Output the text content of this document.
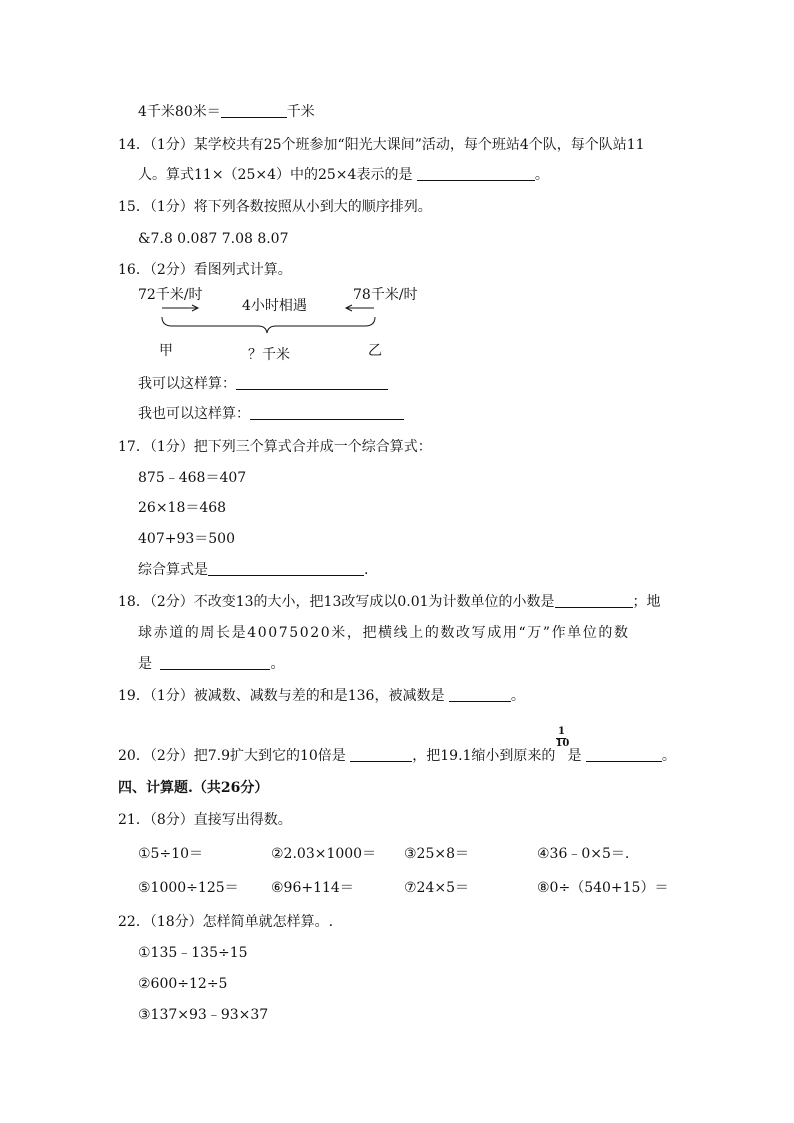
4千米80米＝	千米
14．（1分）某学校共有25个班参加“阳光大课间”活动，每个班站4个队，每个队站11
人。算式11×（25×4）中的25×4表示的是	。
15．（1分）将下列各数按照从小到大的顺序排列。
&7.8 0.087 7.08 8.07
16．（2分）看图列式计算。
72千米/时
4小时相遇
78千米/时
甲	？千米	乙
我可以这样算：
我也可以这样算：
17．（1分）把下列三个算式合并成一个综合算式：
875﹣468＝407
26×18＝468
407+93＝500
综合算式是	.
18．（2分）不改变13的大小，把13改写成以0.01为计数单位的小数是	；地
球赤道的周长是40075020米，把横线上的数改写成用“万”作单位的数
是	。
19．（1分）被减数、减数与差的和是136，被减数是	。
20．（2分）把7.9扩大到它的10倍是	，把19.1缩小到原来的 $\frac{1}{10}$ 是	。
四、计算题.（共26分）
21．（8分）直接写出得数。
①5÷10＝	②2.03×1000＝ ③25×8＝	④36﹣0×5＝.
⑤1000÷125＝ ⑥96+114＝	⑦24×5＝	⑧0÷（540+15）＝
22．（18分）怎样简单就怎样算。.
①135﹣135÷15
②600÷12÷5
③137×93﹣93×37
